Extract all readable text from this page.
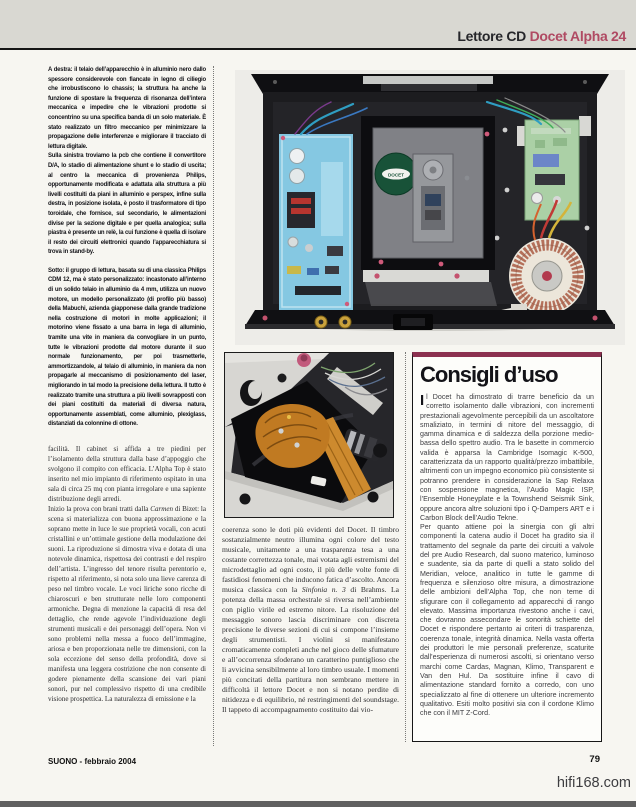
Lettore CD Docet Alpha 24

A destra: il telaio dell’apparecchio è in alluminio nero dallo spessore considerevole con fiancate in legno di ciliegio che irrobustiscono lo chassis; la struttura ha anche la funzione di spostare la frequenza di risonanza dell’intera meccanica e impedire che le vibrazioni prodotte si concentrino su una specifica banda di un solo materiale. È stato realizzato un filtro meccanico per minimizzare la propagazione delle interferenze e migliorare il tracciato di lettura digitale.

Sulla sinistra troviamo la pcb che contiene il convertitore D/A, lo stadio di alimentazione shunt e lo stadio di uscita; al centro la meccanica di provenienza Philips, opportunamente modificata e adattata alla struttura a più livelli costituiti da piani in alluminio e perspex, infine sulla destra, in posizione isolata, è posto il trasformatore di tipo toroidale, che fornisce, sul secondario, le alimentazioni divise per la sezione digitale e per quella analogica; sulla piastra è presente un relè, la cui funzione è quella di isolare il resto dei circuiti elettronici quando l’apparecchiatura si trova in stand-by.

Sotto: il gruppo di lettura, basata su di una classica Philips CDM 12, ma è stato personalizzato: incastonato all’interno di un solido telaio in alluminio da 4 mm, utilizza un nuovo motore, un modello personalizzato (di profilo più basso) della Mabuchi, azienda giapponese dalla grande tradizione nella costruzione di motori in molte applicazioni; il motorino viene fissato a una barra in lega di alluminio, tramite una vite in maniera da convogliare in un punto, tutte le vibrazioni prodotte dal motore durante il suo normale funzionamento, per poi trasmetterle, ammortizzandole, al telaio di alluminio, in maniera da non propagarle al meccanismo di posizionamento del laser, migliorando in tal modo la precisione della lettura. Il tutto è realizzato tramite una struttura a più livelli sovrapposti con dei piani costituiti da materiali di diversa natura, opportunamente assemblati, come alluminio, plexiglass, distanziati da colonnine di ottone.

DOCET

facilità. Il cabinet si affida a tre piedini per l’isolamento della struttura dalla base d’appoggio che svolgono il compito con efficacia. L’Alpha Top è stato inserito nel mio impianto di riferimento ospitato in una sala di circa 25 mq con pianta irregolare e una sapiente distribuzione degli arredi.

Inizio la prova con brani tratti dalla Carmen di Bizet: la scena si materializza con buona approssimazione e la soprano mette in luce le sue proprietà vocali, con acuti cristallini e un’ottimale gestione della modulazione dei suoni. La riproduzione si dimostra viva e dotata di una notevole dinamica, rispettosa dei contrasti e del respiro dell’artista. L’ingresso del tenore risulta perentorio e, rispetto al riferimento, si nota solo una lieve carenza di peso nel timbro vocale. Le voci liriche sono ricche di chiaroscuri e ben strutturate nelle loro componenti armoniche. Degna di menzione la capacità di resa del dettaglio, che rende agevole l’individuazione degli strumenti musicali e dei personaggi dell’opera. Non vi sono problemi nella messa a fuoco dell’immagine, ariosa e ben proporzionata nelle tre dimensioni, con la sola eccezione del senso della profondità, dove si manifesta una leggera costrizione che non consente di godere pienamente della scansione dei vari piani sonori, pur nel complessivo rispetto di una credibile visione prospettica. La naturalezza di emissione e la

coerenza sono le doti più evidenti del Docet. Il timbro sostanzialmente neutro illumina ogni colore del testo musicale, unitamente a una trasparenza tesa a una costante correttezza tonale, mai votata agli estremismi del microdettaglio ad ogni costo, il più delle volte fonte di fastidiosi fenomeni che inducono fatica d’ascolto. Ancora musica classica con la Sinfonia n. 3 di Brahms. La potenza della massa orchestrale si riversa nell’ambiente con piglio virile ed estremo nitore. La risoluzione del messaggio sonoro lascia discriminare con discreta precisione le diverse sezioni di cui si compone l’insieme degli strumentisti. I violini si manifestano cromaticamente completi anche nel gioco delle sfumature e all’occorrenza sfoderano un caratterino puntiglioso che li avvicina sensibilmente al loro timbro usuale. I momenti più concitati della partitura non sembrano mettere in difficoltà il lettore Docet e non si notano perdite di nitidezza e di equilibrio, né restringimenti del soundstage. Il tappeto di accompagnamento costituito dai vio-

Consigli d’uso

Il Docet ha dimostrato di trarre beneficio da un corretto isolamento dalle vibrazioni, con incrementi prestazionali agevolmente percepibili da un ascoltatore smaliziato, in termini di nitore del messaggio, di gamma dinamica e di saldezza della porzione medio-bassa dello spettro audio. Tra le basette in commercio valida è apparsa la Cambridge Isomagic K-500, caratterizzata da un rapporto qualità/prezzo imbattibile, altrimenti con un impegno economico più consistente si potranno prendere in considerazione la Sap Relaxa con sospensione magnetica, l’Audio Magic ISP, l’Ensemble Honeyplate e la Townshend Seismik Sink, oppure ancora altre soluzioni tipo i Q-Dampers ART e i Carbon Block dell’Audio Tekne.

Per quanto attiene poi la sinergia con gli altri componenti la catena audio il Docet ha gradito sia il trattamento del segnale da parte dei circuiti a valvole del pre Audio Research, dal suono materico, luminoso e suadente, sia da parte di quelli a stato solido del Meridian, veloce, analitico in tutte le gamme di frequenza e silenzioso oltre misura, a dimostrazione delle ambizioni dell’Alpha Top, che non teme di sfigurare con il collegamento ad apparecchi di rango elevato. Massima importanza rivestono anche i cavi, che dovranno assecondare le sonorità schiette del Docet e rispondere pertanto ai criteri di trasparenza, coerenza tonale, integrità dinamica. Nella vasta offerta dei produttori le mie personali preferenze, scaturite dall’esperienza di numerosi ascolti, si orientano verso marchi come Cardas, Magnan, Klimo, Transparent e Van den Hul. Da sostituire infine il cavo di alimentazione standard fornito a corredo, con uno specializzato al fine di ottenere un ulteriore incremento qualitativo. Esiti molto positivi sia con il cordone Klimo che con il MIT Z-Cord.

SUONO - febbraio 2004	79
hifi168.com
